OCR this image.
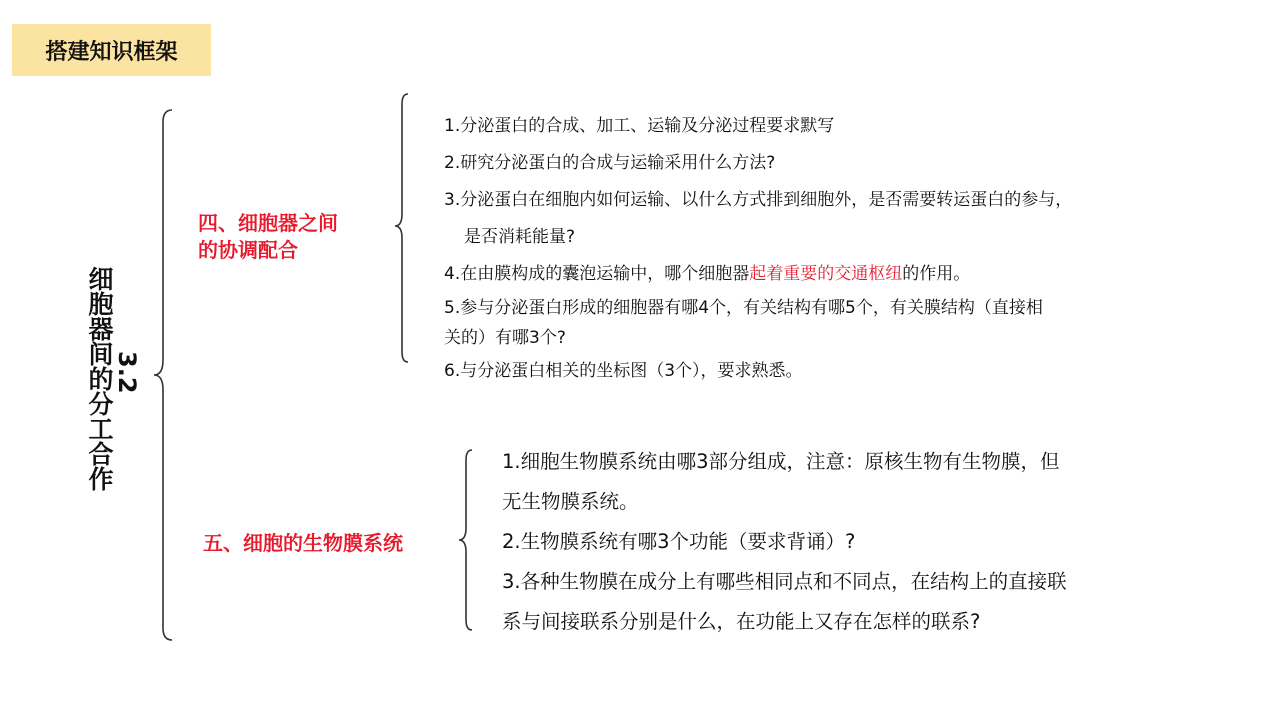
搭建知识框架
3.2
细胞器间的分工合作
四、细胞器之间
的协调配合
1.分泌蛋白的合成、加工、运输及分泌过程要求默写
2.研究分泌蛋白的合成与运输采用什么方法?
3.分泌蛋白在细胞内如何运输、以什么方式排到细胞外，是否需要转运蛋白的参与，
是否消耗能量?
4.在由膜构成的囊泡运输中，哪个细胞器起着重要的交通枢纽的作用。
5.参与分泌蛋白形成的细胞器有哪4个，有关结构有哪5个，有关膜结构（直接相
关的）有哪3个?
6.与分泌蛋白相关的坐标图（3个），要求熟悉。
五、细胞的生物膜系统
1.细胞生物膜系统由哪3部分组成，注意：原核生物有生物膜，但
无生物膜系统。
2.生物膜系统有哪3个功能（要求背诵）?
3.各种生物膜在成分上有哪些相同点和不同点，在结构上的直接联
系与间接联系分别是什么，在功能上又存在怎样的联系?
